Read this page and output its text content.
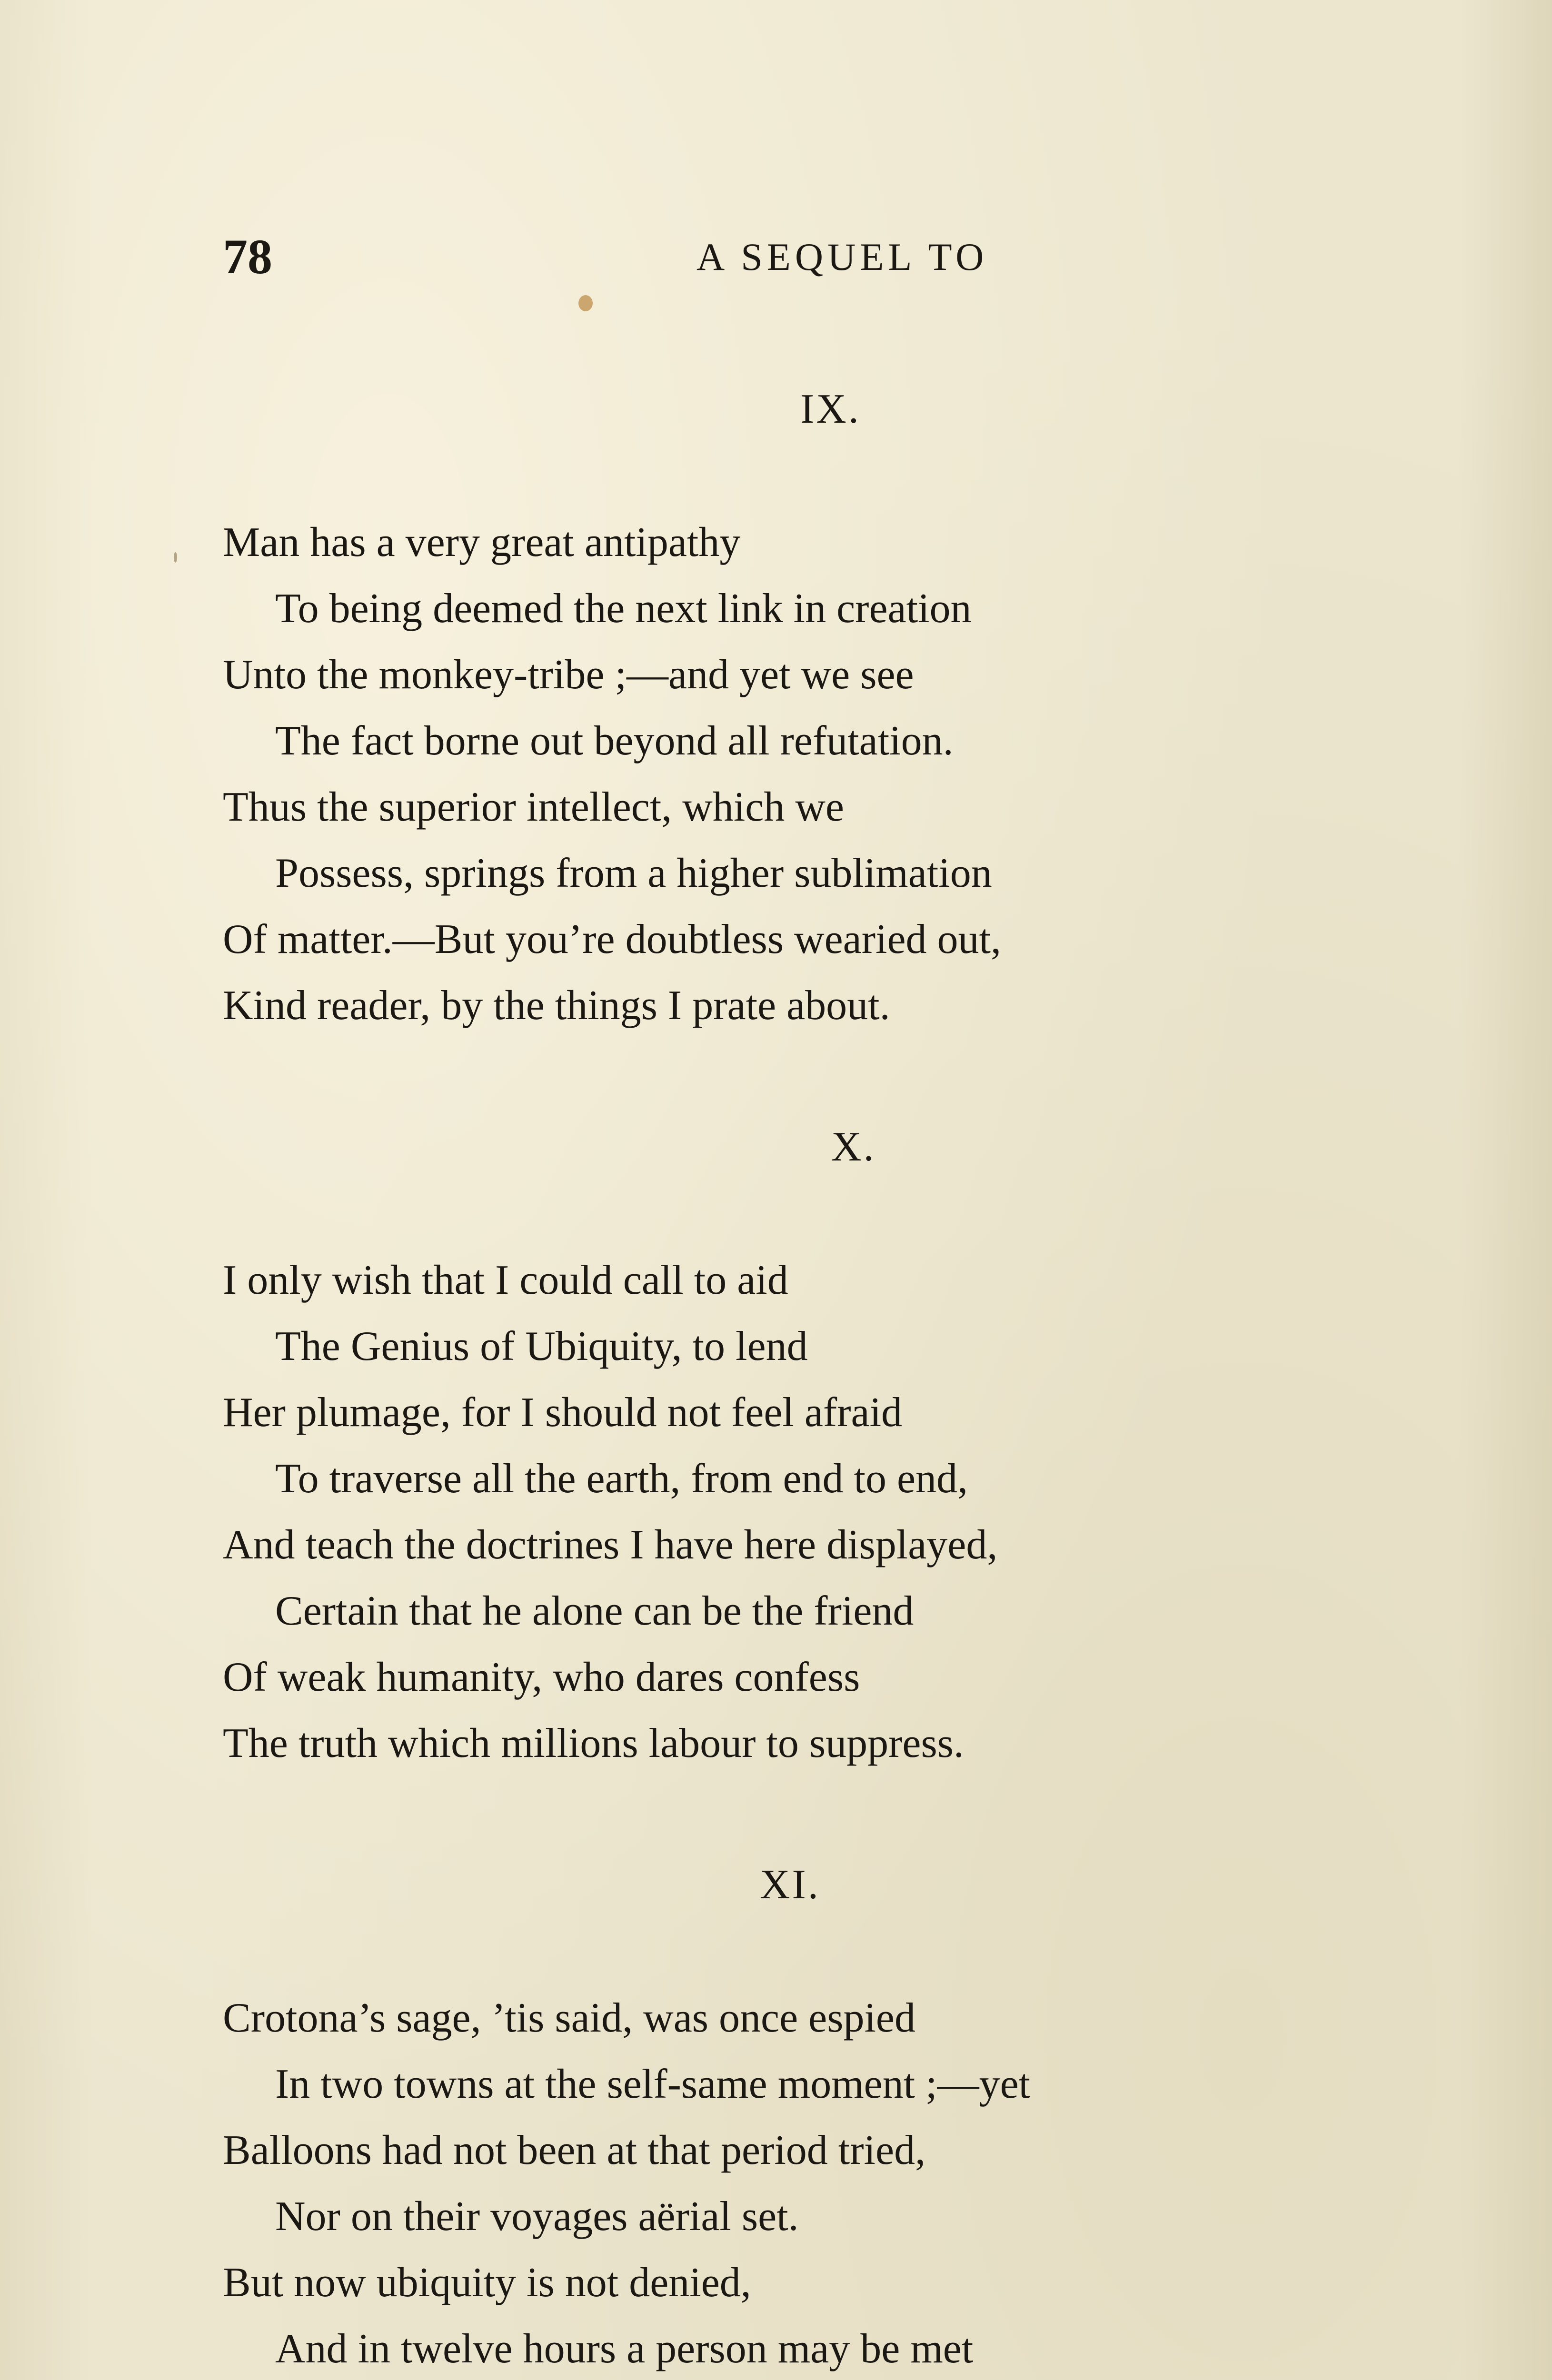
78	A SEQUEL TO
IX.
Man has a very great antipathy
To being deemed the next link in creation
Unto the monkey-tribe ;—and yet we see
The fact borne out beyond all refutation.
Thus the superior intellect, which we
Possess, springs from a higher sublimation
Of matter.—But you’re doubtless wearied out,
Kind reader, by the things I prate about.
X.
I only wish that I could call to aid
The Genius of Ubiquity, to lend
Her plumage, for I should not feel afraid
To traverse all the earth, from end to end,
And teach the doctrines I have here displayed,
Certain that he alone can be the friend
Of weak humanity, who dares confess
The truth which millions labour to suppress.
XI.
Crotona’s sage, ’tis said, was once espied
In two towns at the self-same moment ;—yet
Balloons had not been at that period tried,
Nor on their voyages aërial set.
But now ubiquity is not denied,
And in twelve hours a person may be met
